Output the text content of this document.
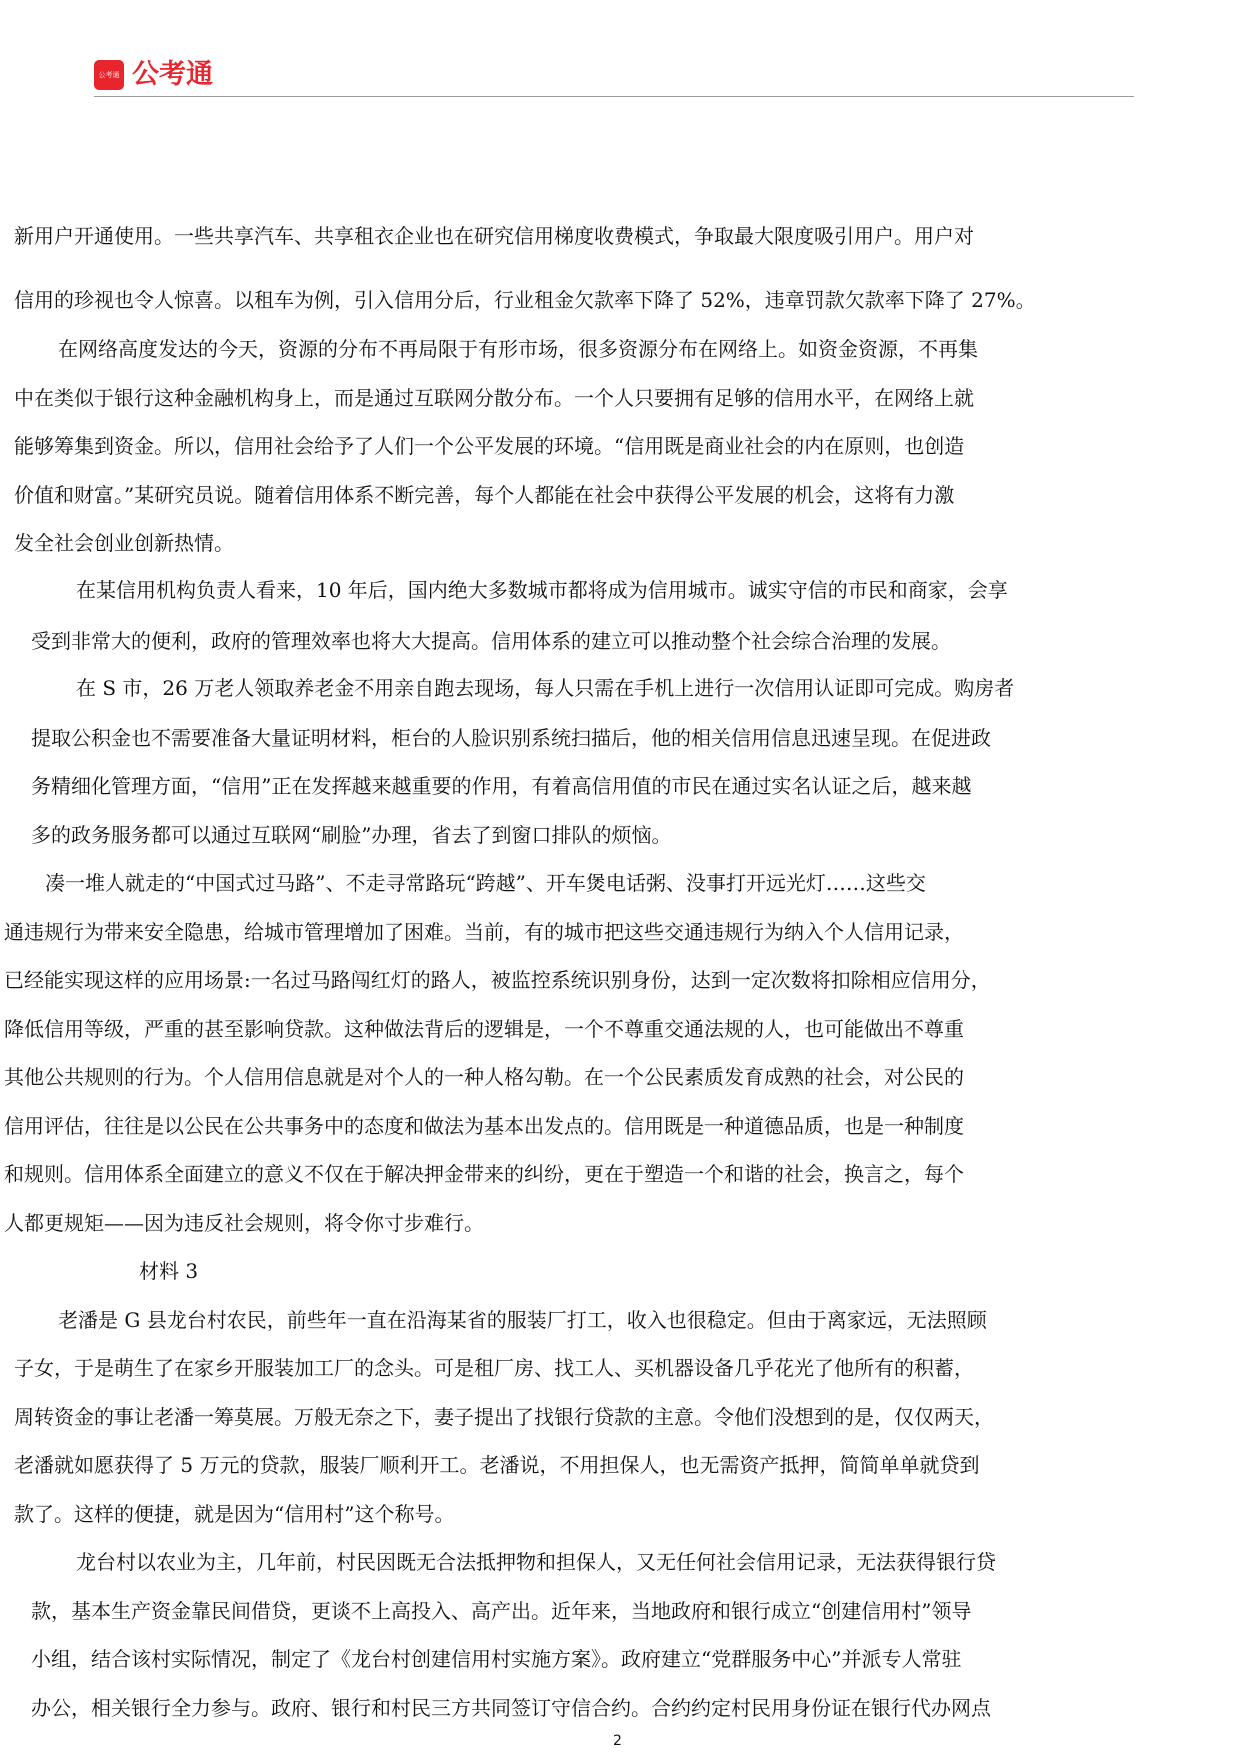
公考通 公考通
新用户开通使用。一些共享汽车、共享租衣企业也在研究信用梯度收费模式，争取最大限度吸引用户。用户对
信用的珍视也令人惊喜。以租车为例，引入信用分后，行业租金欠款率下降了 52%，违章罚款欠款率下降了 27%。
在网络高度发达的今天，资源的分布不再局限于有形市场，很多资源分布在网络上。如资金资源，不再集
中在类似于银行这种金融机构身上，而是通过互联网分散分布。一个人只要拥有足够的信用水平，在网络上就
能够筹集到资金。所以，信用社会给予了人们一个公平发展的环境。“信用既是商业社会的内在原则，也创造
价值和财富。”某研究员说。随着信用体系不断完善，每个人都能在社会中获得公平发展的机会，这将有力激
发全社会创业创新热情。
在某信用机构负责人看来，10 年后，国内绝大多数城市都将成为信用城市。诚实守信的市民和商家，会享
受到非常大的便利，政府的管理效率也将大大提高。信用体系的建立可以推动整个社会综合治理的发展。
在 S 市，26 万老人领取养老金不用亲自跑去现场，每人只需在手机上进行一次信用认证即可完成。购房者
提取公积金也不需要准备大量证明材料，柜台的人脸识别系统扫描后，他的相关信用信息迅速呈现。在促进政
务精细化管理方面，“信用”正在发挥越来越重要的作用，有着高信用值的市民在通过实名认证之后，越来越
多的政务服务都可以通过互联网“刷脸”办理，省去了到窗口排队的烦恼。
凑一堆人就走的“中国式过马路”、不走寻常路玩“跨越”、开车煲电话粥、没事打开远光灯……这些交
通违规行为带来安全隐患，给城市管理增加了困难。当前，有的城市把这些交通违规行为纳入个人信用记录，
已经能实现这样的应用场景:一名过马路闯红灯的路人，被监控系统识别身份，达到一定次数将扣除相应信用分，
降低信用等级，严重的甚至影响贷款。这种做法背后的逻辑是，一个不尊重交通法规的人，也可能做出不尊重
其他公共规则的行为。个人信用信息就是对个人的一种人格勾勒。在一个公民素质发育成熟的社会，对公民的
信用评估，往往是以公民在公共事务中的态度和做法为基本出发点的。信用既是一种道德品质，也是一种制度
和规则。信用体系全面建立的意义不仅在于解决押金带来的纠纷，更在于塑造一个和谐的社会，换言之，每个
人都更规矩——因为违反社会规则，将令你寸步难行。
材料 3
老潘是 G 县龙台村农民，前些年一直在沿海某省的服装厂打工，收入也很稳定。但由于离家远，无法照顾
子女，于是萌生了在家乡开服装加工厂的念头。可是租厂房、找工人、买机器设备几乎花光了他所有的积蓄，
周转资金的事让老潘一筹莫展。万般无奈之下，妻子提出了找银行贷款的主意。令他们没想到的是，仅仅两天，
老潘就如愿获得了 5 万元的贷款，服装厂顺利开工。老潘说，不用担保人，也无需资产抵押，简简单单就贷到
款了。这样的便捷，就是因为“信用村”这个称号。
龙台村以农业为主，几年前，村民因既无合法抵押物和担保人，又无任何社会信用记录，无法获得银行贷
款，基本生产资金靠民间借贷，更谈不上高投入、高产出。近年来，当地政府和银行成立“创建信用村”领导
小组，结合该村实际情况，制定了《龙台村创建信用村实施方案》。政府建立“党群服务中心”并派专人常驻
办公，相关银行全力参与。政府、银行和村民三方共同签订守信合约。合约约定村民用身份证在银行代办网点
2
